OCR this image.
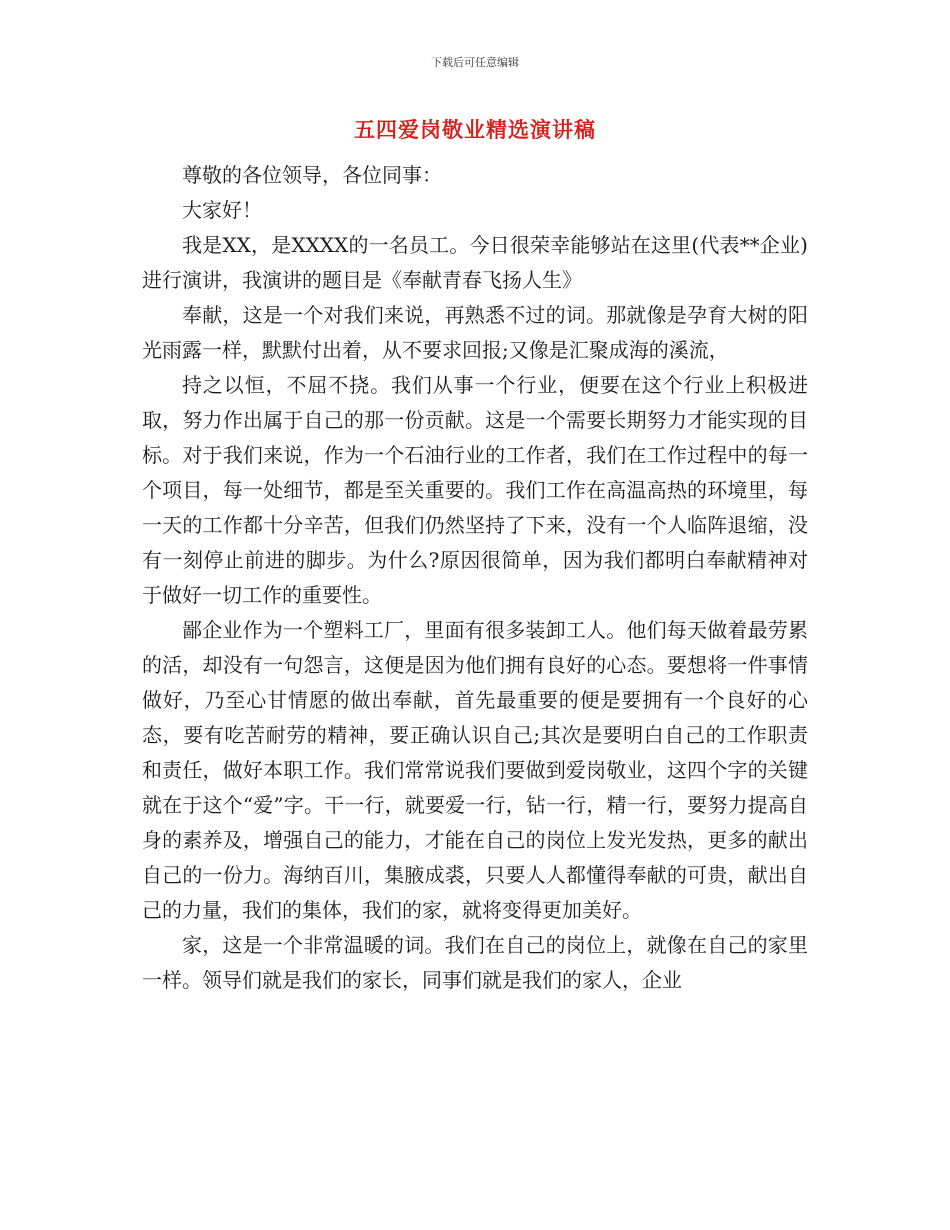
下载后可任意编辑
五四爱岗敬业精选演讲稿

尊敬的各位领导，各位同事：

大家好！

我是XX，是XXXX的一名员工。今日很荣幸能够站在这里(代表**企业)进行演讲，我演讲的题目是《奉献青春飞扬人生》

奉献，这是一个对我们来说，再熟悉不过的词。那就像是孕育大树的阳光雨露一样，默默付出着，从不要求回报;又像是汇聚成海的溪流，

持之以恒，不屈不挠。我们从事一个行业，便要在这个行业上积极进取，努力作出属于自己的那一份贡献。这是一个需要长期努力才能实现的目标。对于我们来说，作为一个石油行业的工作者，我们在工作过程中的每一个项目，每一处细节，都是至关重要的。我们工作在高温高热的环境里，每一天的工作都十分辛苦，但我们仍然坚持了下来，没有一个人临阵退缩，没有一刻停止前进的脚步。为什么?原因很简单，因为我们都明白奉献精神对于做好一切工作的重要性。

鄙企业作为一个塑料工厂，里面有很多装卸工人。他们每天做着最劳累的活，却没有一句怨言，这便是因为他们拥有良好的心态。要想将一件事情做好，乃至心甘情愿的做出奉献，首先最重要的便是要拥有一个良好的心态，要有吃苦耐劳的精神，要正确认识自己;其次是要明白自己的工作职责和责任，做好本职工作。我们常常说我们要做到爱岗敬业，这四个字的关键就在于这个“爱”字。干一行，就要爱一行，钻一行，精一行，要努力提高自身的素养及，增强自己的能力，才能在自己的岗位上发光发热，更多的献出自己的一份力。海纳百川，集腋成裘，只要人人都懂得奉献的可贵，献出自己的力量，我们的集体，我们的家，就将变得更加美好。

家，这是一个非常温暖的词。我们在自己的岗位上，就像在自己的家里一样。领导们就是我们的家长，同事们就是我们的家人，企业
